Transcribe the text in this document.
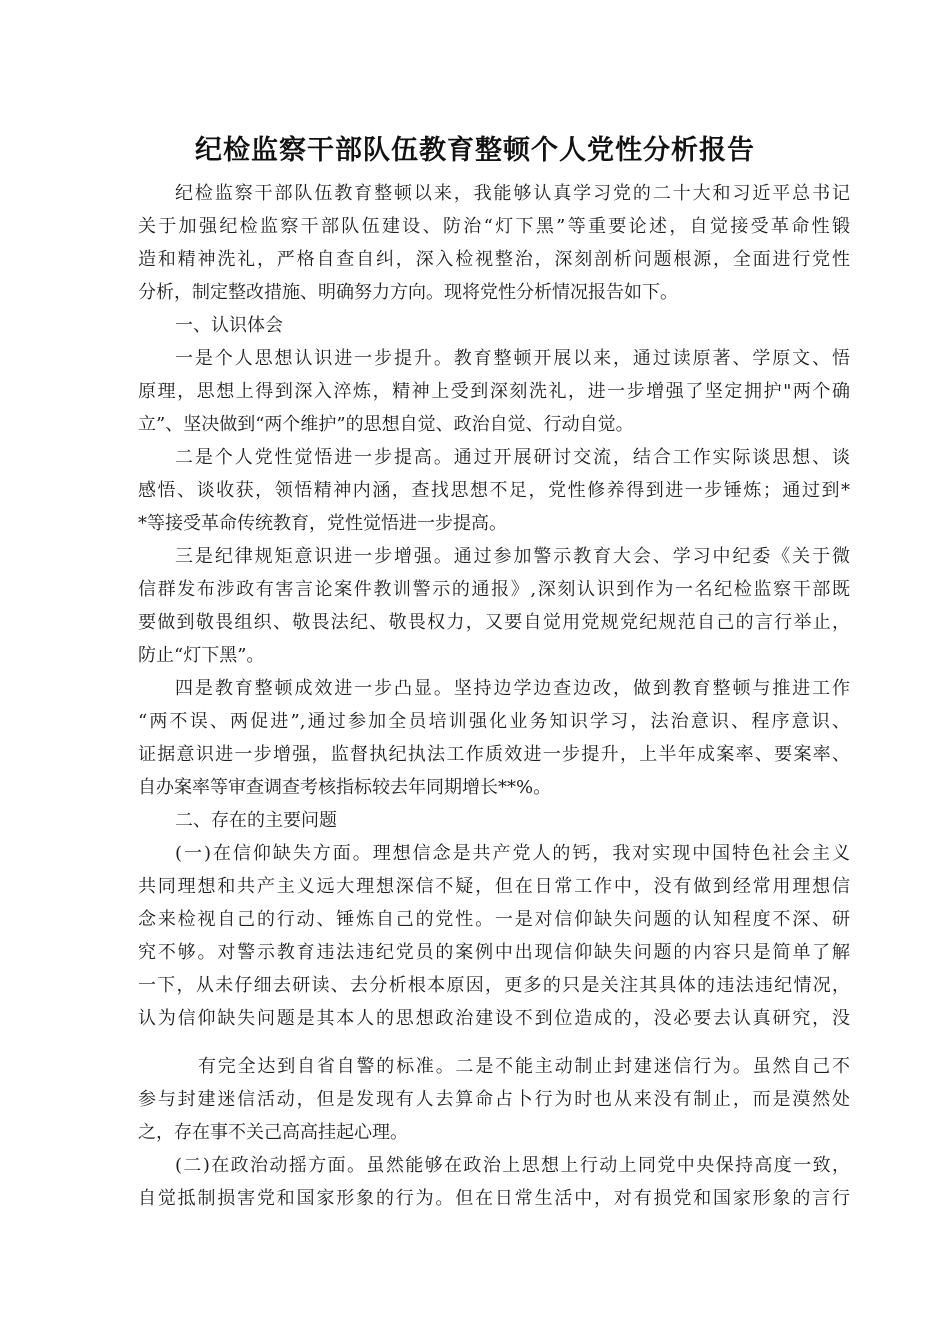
纪检监察干部队伍教育整顿个人党性分析报告
纪检监察干部队伍教育整顿以来，我能够认真学习党的二十大和习近平总书记
关于加强纪检监察干部队伍建设、防治“灯下黑”等重要论述，自觉接受革命性锻
造和精神洗礼，严格自查自纠，深入检视整治，深刻剖析问题根源，全面进行党性
分析，制定整改措施、明确努力方向。现将党性分析情况报告如下。
一、认识体会
一是个人思想认识进一步提升。教育整顿开展以来，通过读原著、学原文、悟
原理，思想上得到深入淬炼，精神上受到深刻洗礼，进一步增强了坚定拥护"两个确
立”、坚决做到“两个维护”的思想自觉、政治自觉、行动自觉。
二是个人党性觉悟进一步提高。通过开展研讨交流，结合工作实际谈思想、谈
感悟、谈收获，领悟精神内涵，查找思想不足，党性修养得到进一步锤炼；通过到*
*等接受革命传统教育，党性觉悟进一步提高。
三是纪律规矩意识进一步增强。通过参加警示教育大会、学习中纪委《关于微
信群发布涉政有害言论案件教训警示的通报》,深刻认识到作为一名纪检监察干部既
要做到敬畏组织、敬畏法纪、敬畏权力，又要自觉用党规党纪规范自己的言行举止，
防止“灯下黑”。
四是教育整顿成效进一步凸显。坚持边学边查边改，做到教育整顿与推进工作
“两不误、两促进”,通过参加全员培训强化业务知识学习，法治意识、程序意识、
证据意识进一步增强，监督执纪执法工作质效进一步提升，上半年成案率、要案率、
自办案率等审查调查考核指标较去年同期增长**%。
二、存在的主要问题
(一)在信仰缺失方面。理想信念是共产党人的钙，我对实现中国特色社会主义
共同理想和共产主义远大理想深信不疑，但在日常工作中，没有做到经常用理想信
念来检视自己的行动、锤炼自己的党性。一是对信仰缺失问题的认知程度不深、研
究不够。对警示教育违法违纪党员的案例中出现信仰缺失问题的内容只是简单了解
一下，从未仔细去研读、去分析根本原因，更多的只是关注其具体的违法违纪情况，
认为信仰缺失问题是其本人的思想政治建设不到位造成的，没必要去认真研究，没
有完全达到自省自警的标准。二是不能主动制止封建迷信行为。虽然自己不
参与封建迷信活动，但是发现有人去算命占卜行为时也从来没有制止，而是漠然处
之，存在事不关己高高挂起心理。
(二)在政治动摇方面。虽然能够在政治上思想上行动上同党中央保持高度一致，
自觉抵制损害党和国家形象的行为。但在日常生活中，对有损党和国家形象的言行
